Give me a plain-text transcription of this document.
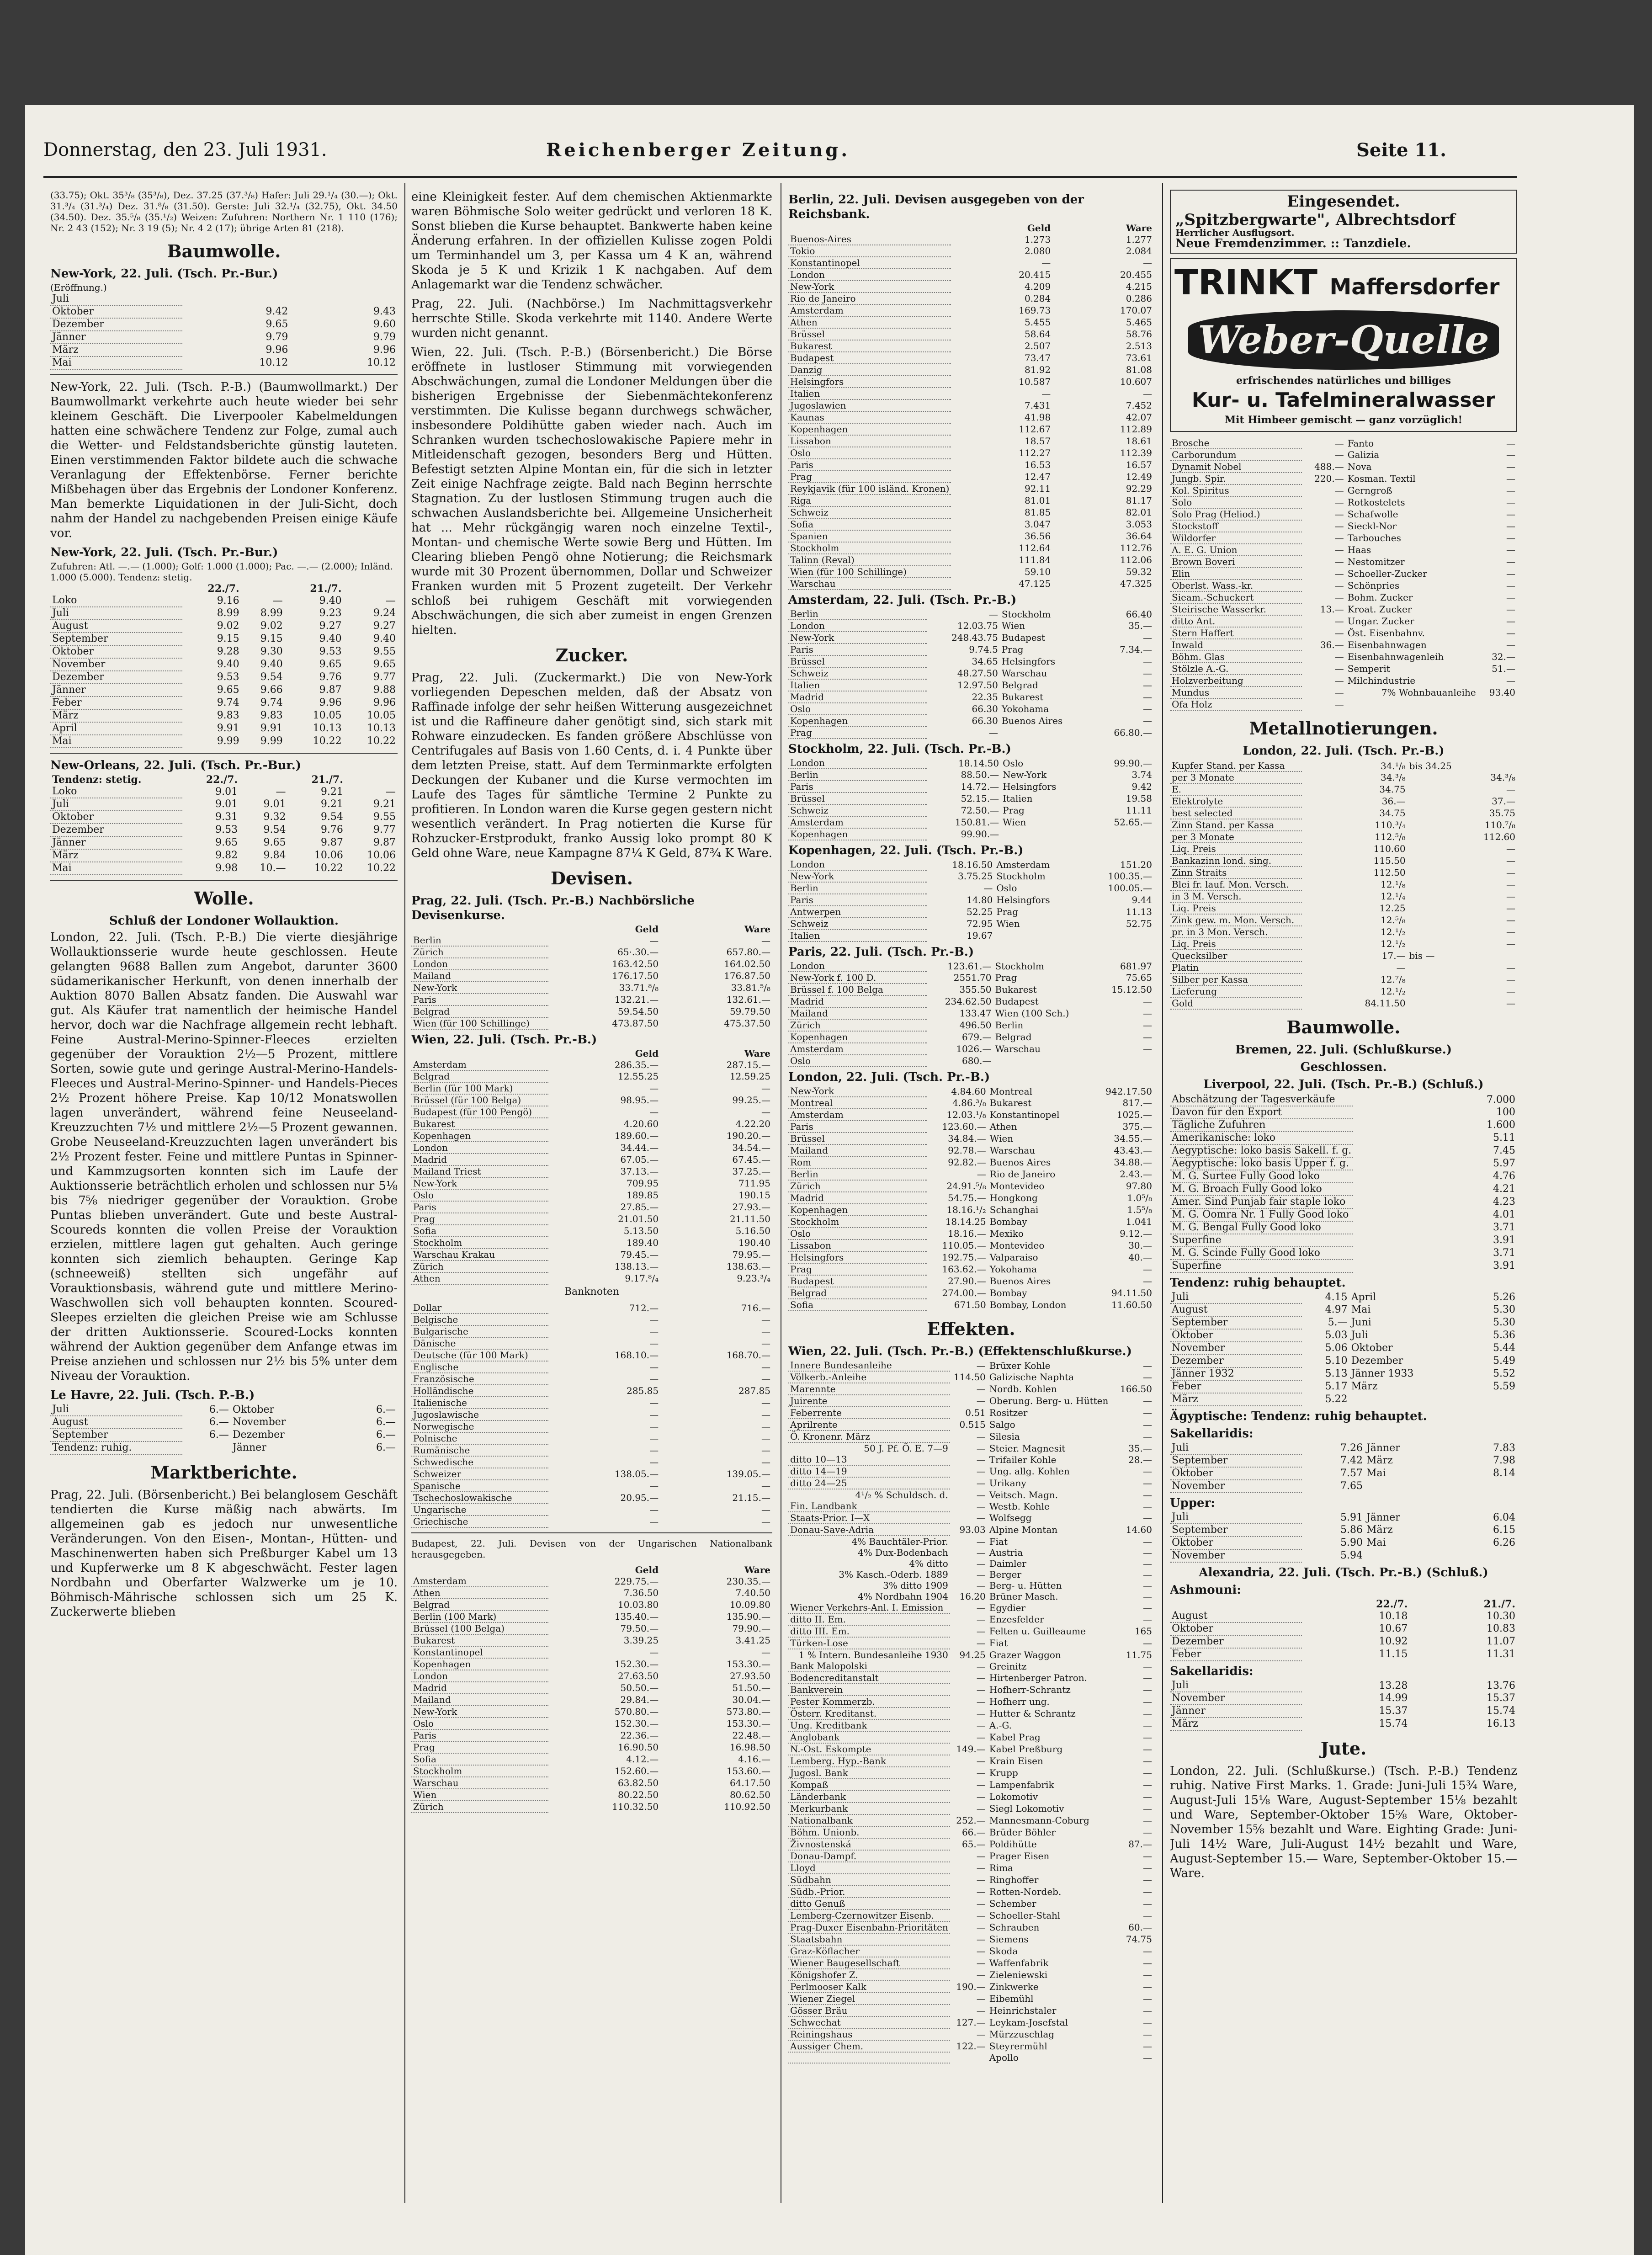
Donnerstag, den 23. Juli 1931.	Reichenberger Zeitung.	Seite 11.
(33.75); Okt. 35³/₈ (35³/₈), Dez. 37.25 (37.³/₈) Hafer: Juli 29.¹/₄ (30.—); Okt. 31.³/₄ (31.³/₄) Dez. 31.⁸/₈ (31.50). Gerste: Juli 32.¹/₄ (32.75), Okt. 34.50 (34.50). Dez. 35.⁵/₈ (35.¹/₂) Weizen: Zufuhren: Northern Nr. 1 110 (176); Nr. 2 43 (152); Nr. 3 19 (5); Nr. 4 2 (17); übrige Arten 81 (218).
Baumwolle.
New-York, 22. Juli. (Tsch. Pr.-Bur.)
(Eröffnung.)
Juli		
Oktober	9.42	9.43
Dezember	9.65	9.60
Jänner	9.79	9.79
März	9.96	9.96
Mai	10.12	10.12
New-York, 22. Juli. (Tsch. P.-B.) (Baumwollmarkt.) Der Baumwollmarkt verkehrte auch heute wieder bei sehr kleinem Geschäft. Die Liverpooler Kabelmeldungen hatten eine schwächere Tendenz zur Folge, zumal auch die Wetter- und Feldstandsberichte günstig lauteten. Einen verstimmenden Faktor bildete auch die schwache Veranlagung der Effektenbörse. Ferner berichte Mißbehagen über das Ergebnis der Londoner Konferenz. Man bemerkte Liquidationen in der Juli-Sicht, doch nahm der Handel zu nachgebenden Preisen einige Käufe vor.
New-York, 22. Juli. (Tsch. Pr.-Bur.)
Zufuhren: Atl. —.— (1.000); Golf: 1.000 (1.000); Pac. —.— (2.000); Inländ. 1.000 (5.000). Tendenz: stetig.
	22./7.		21./7.	
Loko	9.16	—	9.40	—
Juli	8.99	8.99	9.23	9.24
August	9.02	9.02	9.27	9.27
September	9.15	9.15	9.40	9.40
Oktober	9.28	9.30	9.53	9.55
November	9.40	9.40	9.65	9.65
Dezember	9.53	9.54	9.76	9.77
Jänner	9.65	9.66	9.87	9.88
Feber	9.74	9.74	9.96	9.96
März	9.83	9.83	10.05	10.05
April	9.91	9.91	10.13	10.13
Mai	9.99	9.99	10.22	10.22
New-Orleans, 22. Juli. (Tsch. Pr.-Bur.)
Tendenz: stetig.	22./7.		21./7.	
Loko	9.01	—	9.21	—
Juli	9.01	9.01	9.21	9.21
Oktober	9.31	9.32	9.54	9.55
Dezember	9.53	9.54	9.76	9.77
Jänner	9.65	9.65	9.87	9.87
März	9.82	9.84	10.06	10.06
Mai	9.98	10.—	10.22	10.22
Wolle.
Schluß der Londoner Wollauktion.
London, 22. Juli. (Tsch. P.-B.) Die vierte diesjährige Wollauktionsserie wurde heute geschlossen. Heute gelangten 9688 Ballen zum Angebot, darunter 3600 südamerikanischer Herkunft, von denen innerhalb der Auktion 8070 Ballen Absatz fanden. Die Auswahl war gut. Als Käufer trat namentlich der heimische Handel hervor, doch war die Nachfrage allgemein recht lebhaft. Feine Austral-Merino-Spinner-Fleeces erzielten gegenüber der Vorauktion 2½—5 Prozent, mittlere Sorten, sowie gute und geringe Austral-Merino-Handels-Fleeces und Austral-Merino-Spinner- und Handels-Pieces 2½ Prozent höhere Preise. Kap 10/12 Monatswollen lagen unverändert, während feine Neuseeland-Kreuzzuchten 7½ und mittlere 2½—5 Prozent gewannen. Grobe Neuseeland-Kreuzzuchten lagen unverändert bis 2½ Prozent fester. Feine und mittlere Puntas in Spinner- und Kammzugsorten konnten sich im Laufe der Auktionsserie beträchtlich erholen und schlossen nur 5⅛ bis 7⅝ niedriger gegenüber der Vorauktion. Grobe Puntas blieben unverändert. Gute und beste Austral-Scoureds konnten die vollen Preise der Vorauktion erzielen, mittlere lagen gut gehalten. Auch geringe konnten sich ziemlich behaupten. Geringe Kap (schneeweiß) stellten sich ungefähr auf Vorauktionsbasis, während gute und mittlere Merino-Waschwollen sich voll behaupten konnten. Scoured-Sleepes erzielten die gleichen Preise wie am Schlusse der dritten Auktionsserie. Scoured-Locks konnten während der Auktion gegenüber dem Anfange etwas im Preise anziehen und schlossen nur 2½ bis 5% unter dem Niveau der Vorauktion.
Le Havre, 22. Juli. (Tsch. P.-B.)
Juli	6.—	Oktober	6.—
August	6.—	November	6.—
September	6.—	Dezember	6.—
Tendenz: ruhig.		Jänner	6.—
Marktberichte.
Prag, 22. Juli. (Börsenbericht.) Bei belanglosem Geschäft tendierten die Kurse mäßig nach abwärts. Im allgemeinen gab es jedoch nur unwesentliche Veränderungen. Von den Eisen-, Montan-, Hütten- und Maschinenwerten haben sich Preßburger Kabel um 13 und Kupferwerke um 8 K abgeschwächt. Fester lagen Nordbahn und Oberfarter Walzwerke um je 10. Böhmisch-Mährische schlossen sich um 25 K. Zuckerwerte blieben
eine Kleinigkeit fester. Auf dem chemischen Aktienmarkte waren Böhmische Solo weiter gedrückt und verloren 18 K. Sonst blieben die Kurse behauptet. Bankwerte haben keine Änderung erfahren. In der offiziellen Kulisse zogen Poldi um Terminhandel um 3, per Kassa um 4 K an, während Skoda je 5 K und Krizik 1 K nachgaben. Auf dem Anlagemarkt war die Tendenz schwächer.
Prag, 22. Juli. (Nachbörse.) Im Nachmittagsverkehr herrschte Stille. Skoda verkehrte mit 1140. Andere Werte wurden nicht genannt.
Wien, 22. Juli. (Tsch. P.-B.) (Börsenbericht.) Die Börse eröffnete in lustloser Stimmung mit vorwiegenden Abschwächungen, zumal die Londoner Meldungen über die bisherigen Ergebnisse der Siebenmächtekonferenz verstimmten. Die Kulisse begann durchwegs schwächer, insbesondere Poldihütte gaben wieder nach. Auch im Schranken wurden tschechoslowakische Papiere mehr in Mitleidenschaft gezogen, besonders Berg und Hütten. Befestigt setzten Alpine Montan ein, für die sich in letzter Zeit einige Nachfrage zeigte. Bald nach Beginn herrschte Stagnation. Zu der lustlosen Stimmung trugen auch die schwachen Auslandsberichte bei. Allgemeine Unsicherheit hat ... Mehr rückgängig waren noch einzelne Textil-, Montan- und chemische Werte sowie Berg und Hütten. Im Clearing blieben Pengö ohne Notierung; die Reichsmark wurde mit 30 Prozent übernommen, Dollar und Schweizer Franken wurden mit 5 Prozent zugeteilt. Der Verkehr schloß bei ruhigem Geschäft mit vorwiegenden Abschwächungen, die sich aber zumeist in engen Grenzen hielten.
Zucker.
Prag, 22. Juli. (Zuckermarkt.) Die von New-York vorliegenden Depeschen melden, daß der Absatz von Raffinade infolge der sehr heißen Witterung ausgezeichnet ist und die Raffineure daher genötigt sind, sich stark mit Rohware einzudecken. Es fanden größere Abschlüsse von Centrifugales auf Basis von 1.60 Cents, d. i. 4 Punkte über dem letzten Preise, statt. Auf dem Terminmarkte erfolgten Deckungen der Kubaner und die Kurse vermochten im Laufe des Tages für sämtliche Termine 2 Punkte zu profitieren. In London waren die Kurse gegen gestern nicht wesentlich verändert. In Prag notierten die Kurse für Rohzucker-Erstprodukt, franko Aussig loko prompt 80 K Geld ohne Ware, neue Kampagne 87¼ K Geld, 87¾ K Ware.
Devisen.
Prag, 22. Juli. (Tsch. Pr.-B.) Nachbörsliche Devisenkurse.
	Geld	Ware
Berlin	—	—
Zürich	65·.30.—	657.80.—
London	163.42.50	164.02.50
Mailand	176.17.50	176.87.50
New-York	33.71.⁸/₈	33.81.⁵/₈
Paris	132.21.—	132.61.—
Belgrad	59.54.50	59.79.50
Wien (für 100 Schillinge)	473.87.50	475.37.50
Wien, 22. Juli. (Tsch. Pr.-B.)
	Geld	Ware
Amsterdam	286.35.—	287.15.—
Belgrad	12.55.25	12.59.25
Berlin (für 100 Mark)	—	—
Brüssel (für 100 Belga)	98.95.—	99.25.—
Budapest (für 100 Pengö)	—	—
Bukarest	4.20.60	4.22.20
Kopenhagen	189.60.—	190.20.—
London	34.44.—	34.54.—
Madrid	67.05.—	67.45.—
Mailand Triest	37.13.—	37.25.—
New-York	709.95	711.95
Oslo	189.85	190.15
Paris	27.85.—	27.93.—
Prag	21.01.50	21.11.50
Sofia	5.13.50	5.16.50
Stockholm	189.40	190.40
Warschau Krakau	79.45.—	79.95.—
Zürich	138.13.—	138.63.—
Athen	9.17.⁸/₄	9.23.³/₄
Banknoten
Dollar	712.—	716.—
Belgische	—	—
Bulgarische	—	—
Dänische	—	—
Deutsche (für 100 Mark)	168.10.—	168.70.—
Englische	—	—
Französische	—	—
Holländische	285.85	287.85
Italienische	—	—
Jugoslawische	—	—
Norwegische	—	—
Polnische	—	—
Rumänische	—	—
Schwedische	—	—
Schweizer	138.05.—	139.05.—
Spanische	—	—
Tschechoslowakische	20.95.—	21.15.—
Ungarische	—	—
Griechische	—	—
Budapest, 22. Juli. Devisen von der Ungarischen Nationalbank herausgegeben.
	Geld	Ware
Amsterdam	229.75.—	230.35.—
Athen	7.36.50	7.40.50
Belgrad	10.03.80	10.09.80
Berlin (100 Mark)	135.40.—	135.90.—
Brüssel (100 Belga)	79.50.—	79.90.—
Bukarest	3.39.25	3.41.25
Konstantinopel	—	—
Kopenhagen	152.30.—	153.30.—
London	27.63.50	27.93.50
Madrid	50.50.—	51.50.—
Mailand	29.84.—	30.04.—
New-York	570.80.—	573.80.—
Oslo	152.30.—	153.30.—
Paris	22.36.—	22.48.—
Prag	16.90.50	16.98.50
Sofia	4.12.—	4.16.—
Stockholm	152.60.—	153.60.—
Warschau	63.82.50	64.17.50
Wien	80.22.50	80.62.50
Zürich	110.32.50	110.92.50
Berlin, 22. Juli. Devisen ausgegeben von der Reichsbank.
	Geld	Ware
Buenos-Aires	1.273	1.277
Tokio	2.080	2.084
Konstantinopel	—	—
London	20.415	20.455
New-York	4.209	4.215
Rio de Janeiro	0.284	0.286
Amsterdam	169.73	170.07
Athen	5.455	5.465
Brüssel	58.64	58.76
Bukarest	2.507	2.513
Budapest	73.47	73.61
Danzig	81.92	81.08
Helsingfors	10.587	10.607
Italien	—	—
Jugoslawien	7.431	7.452
Kaunas	41.98	42.07
Kopenhagen	112.67	112.89
Lissabon	18.57	18.61
Oslo	112.27	112.39
Paris	16.53	16.57
Prag	12.47	12.49
Reykjavik (für 100 isländ. Kronen)	92.11	92.29
Riga	81.01	81.17
Schweiz	81.85	82.01
Sofia	3.047	3.053
Spanien	36.56	36.64
Stockholm	112.64	112.76
Talinn (Reval)	111.84	112.06
Wien (für 100 Schillinge)	59.10	59.32
Warschau	47.125	47.325
Amsterdam, 22. Juli. (Tsch. Pr.-B.)
Berlin	—	Stockholm	66.40
London	12.03.75	Wien	35.—
New-York	248.43.75	Budapest	—
Paris	9.74.5	Prag	7.34.—
Brüssel	34.65	Helsingfors	—
Schweiz	48.27.50	Warschau	—
Italien	12.97.50	Belgrad	—
Madrid	22.35	Bukarest	—
Oslo	66.30	Yokohama	—
Kopenhagen	66.30	Buenos Aires	—
Prag	—		66.80.—
Stockholm, 22. Juli. (Tsch. Pr.-B.)
London	18.14.50	Oslo	99.90.—
Berlin	88.50.—	New-York	3.74
Paris	14.72.—	Helsingfors	9.42
Brüssel	52.15.—	Italien	19.58
Schweiz	72.50.—	Prag	11.11
Amsterdam	150.81.—	Wien	52.65.—
Kopenhagen	99.90.—		
Kopenhagen, 22. Juli. (Tsch. Pr.-B.)
London	18.16.50	Amsterdam	151.20
New-York	3.75.25	Stockholm	100.35.—
Berlin	—	Oslo	100.05.—
Paris	14.80	Helsingfors	9.44
Antwerpen	52.25	Prag	11.13
Schweiz	72.95	Wien	52.75
Italien	19.67		
Paris, 22. Juli. (Tsch. Pr.-B.)
London	123.61.—	Stockholm	681.97
New-York f. 100 D.	2551.70	Prag	75.65
Brüssel f. 100 Belga	355.50	Bukarest	15.12.50
Madrid	234.62.50	Budapest	—
Mailand	133.47	Wien (100 Sch.)	—
Zürich	496.50	Berlin	—
Kopenhagen	679.—	Belgrad	—
Amsterdam	1026.—	Warschau	—
Oslo	680.—		
London, 22. Juli. (Tsch. Pr.-B.)
New-York	4.84.60	Montreal	942.17.50
Montreal	4.86.³/₈	Bukarest	817.—
Amsterdam	12.03.¹/₈	Konstantinopel	1025.—
Paris	123.60.—	Athen	375.—
Brüssel	34.84.—	Wien	34.55.—
Mailand	92.78.—	Warschau	43.43.—
Rom	92.82.—	Buenos Aires	34.88.—
Berlin	—	Rio de Janeiro	2.43.—
Zürich	24.91.⁵/₈	Montevideo	97.80
Madrid	54.75.—	Hongkong	1.0⁵/₈
Kopenhagen	18.16.¹/₂	Schanghai	1.5⁵/₈
Stockholm	18.14.25	Bombay	1.041
Oslo	18.16.—	Mexiko	9.12.—
Lissabon	110.05.—	Montevideo	30.—
Helsingfors	192.75.—	Valparaiso	40.—
Prag	163.62.—	Yokohama	—
Budapest	27.90.—	Buenos Aires	—
Belgrad	274.00.—	Bombay	94.11.50
Sofia	671.50	Bombay, London	11.60.50
Effekten.
Wien, 22. Juli. (Tsch. Pr.-B.) (Effektenschlußkurse.)
Innere Bundesanleihe	—	Brüxer Kohle	—
Völkerb.-Anleihe	114.50	Galizische Naphta	—
Marennte	—	Nordb. Kohlen	166.50
Juirente	—	Oberung. Berg- u. Hütten	—
Feberrente	0.51	Rositzer	—
Aprilrente	0.515	Salgo	—
Ö. Kronenr. März	—	Silesia	—
50 J. Pf. Ö. E. 7—9	—	Steier. Magnesit	35.—
ditto 10—13	—	Trifailer Kohle	28.—
ditto 14—19	—	Ung. allg. Kohlen	—
ditto 24—25	—	Urikany	—
4¹/₂ % Schuldsch. d.	—	Veitsch. Magn.	—
Fin. Landbank	—	Westb. Kohle	—
Staats-Prior. I—X	—	Wolfsegg	—
Donau-Save-Adria	93.03	Alpine Montan	14.60
4% Bauchtäler-Prior.	—	Fiat	—
4% Dux-Bodenbach	—	Austria	—
4% ditto	—	Daimler	—
3% Kasch.-Oderb. 1889	—	Berger	—
3% ditto 1909	—	Berg- u. Hütten	—
4% Nordbahn 1904	16.20	Brüner Masch.	—
Wiener Verkehrs-Anl. I. Emission	—	Egydier	—
ditto II. Em.	—	Enzesfelder	—
ditto III. Em.	—	Felten u. Guilleaume	165
Türken-Lose	—	Fiat	—
1 % Intern. Bundesanleihe 1930	94.25	Grazer Waggon	11.75
Bank Malopolski	—	Greinitz	—
Bodencreditanstalt	—	Hirtenberger Patron.	—
Bankverein	—	Hofherr-Schrantz	—
Pester Kommerzb.	—	Hofherr ung.	—
Österr. Kreditanst.	—	Hutter & Schrantz	—
Ung. Kreditbank	—	A.-G.	—
Anglobank	—	Kabel Prag	—
N.-Ost. Eskompte	149.—	Kabel Preßburg	—
Lemberg. Hyp.-Bank	—	Krain Eisen	—
Jugosl. Bank	—	Krupp	—
Kompaß	—	Lampenfabrik	—
Länderbank	—	Lokomotiv	—
Merkurbank	—	Siegl Lokomotiv	—
Nationalbank	252.—	Mannesmann-Coburg	—
Böhm. Unionb.	66.—	Brüder Böhler	—
Živnostenská	65.—	Poldihütte	87.—
Donau-Dampf.	—	Prager Eisen	—
Lloyd	—	Rima	—
Südbahn	—	Ringhoffer	—
Südb.-Prior.	—	Rotten-Nordeb.	—
ditto Genuß	—	Schember	—
Lemberg-Czernowitzer Eisenb.	—	Schoeller-Stahl	—
Prag-Duxer Eisenbahn-Prioritäten	—	Schrauben	60.—
Staatsbahn	—	Siemens	74.75
Graz-Köflacher	—	Skoda	—
Wiener Baugesellschaft	—	Waffenfabrik	—
Königshofer Z.	—	Zieleniewski	—
Perlmooser Kalk	190.—	Zinkwerke	—
Wiener Ziegel	—	Eibemühl	—
Gösser Bräu	—	Heinrichstaler	—
Schwechat	127.—	Leykam-Josefstal	—
Reiningshaus	—	Mürzzuschlag	—
Aussiger Chem.	122.—	Steyrermühl	—
		Apollo	—
Eingesendet.
„Spitzbergwarte", Albrechtsdorf
Herrlicher Ausflugsort.
Neue Fremdenzimmer. :: Tanzdiele.
TRINKT Maffersdorfer
Weber-Quelle
erfrischendes natürliches und billiges
Kur- u. Tafelmineralwasser
Mit Himbeer gemischt — ganz vorzüglich!
Brosche	—	Fanto	—
Carborundum	—	Galizia	—
Dynamit Nobel	488.—	Nova	—
Jungb. Spir.	220.—	Kosman. Textil	—
Kol. Spiritus	—	Gerngroß	—
Solo	—	Rotkostelets	—
Solo Prag (Heliod.)	—	Schafwolle	—
Stockstoff	—	Sieckl-Nor	—
Wildorfer	—	Tarbouches	—
A. E. G. Union	—	Haas	—
Brown Boveri	—	Nestomitzer	—
Elin	—	Schoeller-Zucker	—
Oberlst. Wass.-kr.	—	Schönpries	—
Sieam.-Schuckert	—	Bohm. Zucker	—
Steirische Wasserkr.	13.—	Kroat. Zucker	—
ditto Ant.	—	Ungar. Zucker	—
Stern Haffert	—	Öst. Eisenbahnv.	—
Inwald	36.—	Eisenbahnwagen	—
Böhm. Glas	—	Eisenbahnwagenleih	32.—
Stölzle A.-G.	—	Semperit	51.—
Holzverbeitung	—	Milchindustrie	—
Mundus	—	7% Wohnbauanleihe	93.40
Ofa Holz	—		
Metallnotierungen.
London, 22. Juli. (Tsch. Pr.-B.)
Kupfer Stand. per Kassa	34.¹/₈	bis 34.25
per 3 Monate	34.³/₈	34.³/₈
E.	34.75	—
Elektrolyte	36.—	37.—
best selected	34.75	35.75
Zinn Stand. per Kassa	110.³/₄	110.⁷/₈
per 3 Monate	112.⁵/₈	112.60
Liq. Preis	110.60	—
Bankazinn lond. sing.	115.50	—
Zinn Straits	112.50	—
Blei fr. lauf. Mon. Versch.	12.¹/₈	—
in 3 M. Versch.	12.¹/₄	—
Liq. Preis	12.25	—
Zink gew. m. Mon. Versch.	12.⁵/₈	—
pr. in 3 Mon. Versch.	12.¹/₂	—
Liq. Preis	12.¹/₂	—
Quecksilber	17.—	bis —
Platin	—	—
Silber per Kassa	12.⁷/₈	—
Lieferung	12.¹/₂	—
Gold	84.11.50	—
Baumwolle.
Bremen, 22. Juli. (Schlußkurse.)
Geschlossen.
Liverpool, 22. Juli. (Tsch. Pr.-B.) (Schluß.)
Abschätzung der Tagesverkäufe	7.000
Davon für den Export	100
Tägliche Zufuhren	1.600
Amerikanische: loko	5.11
Aegyptische: loko basis Sakell. f. g.	7.45
Aegyptische: loko basis Upper f. g.	5.97
M. G. Surtee Fully Good loko	4.76
M. G. Broach Fully Good loko	4.21
Amer. Sind Punjab fair staple loko	4.23
M. G. Oomra Nr. 1 Fully Good loko	4.01
M. G. Bengal Fully Good loko	3.71
Superfine	3.91
M. G. Scinde Fully Good loko	3.71
Superfine	3.91
Tendenz: ruhig behauptet.
Juli	4.15	April	5.26
August	4.97	Mai	5.30
September	5.—	Juni	5.30
Oktober	5.03	Juli	5.36
November	5.06	Oktober	5.44
Dezember	5.10	Dezember	5.49
Jänner 1932	5.13	Jänner 1933	5.52
Feber	5.17	März	5.59
März	5.22		
Ägyptische: Tendenz: ruhig behauptet.
Sakellaridis:
Juli	7.26	Jänner	7.83
September	7.42	März	7.98
Oktober	7.57	Mai	8.14
November	7.65		
Upper:
Juli	5.91	Jänner	6.04
September	5.86	März	6.15
Oktober	5.90	Mai	6.26
November	5.94		
Alexandria, 22. Juli. (Tsch. Pr.-B.) (Schluß.)
Ashmouni:
	22./7.	21./7.
August	10.18	10.30
Oktober	10.67	10.83
Dezember	10.92	11.07
Feber	11.15	11.31
Sakellaridis:
Juli	13.28	13.76
November	14.99	15.37
Jänner	15.37	15.74
März	15.74	16.13
Jute.
London, 22. Juli. (Schlußkurse.) (Tsch. P.-B.) Tendenz ruhig. Native First Marks. 1. Grade: Juni-Juli 15¾ Ware, August-Juli 15⅛ Ware, August-September 15⅛ bezahlt und Ware, September-Oktober 15⅝ Ware, Oktober-November 15⅝ bezahlt und Ware. Eighting Grade: Juni-Juli 14½ Ware, Juli-August 14½ bezahlt und Ware, August-September 15.— Ware, September-Oktober 15.— Ware.
